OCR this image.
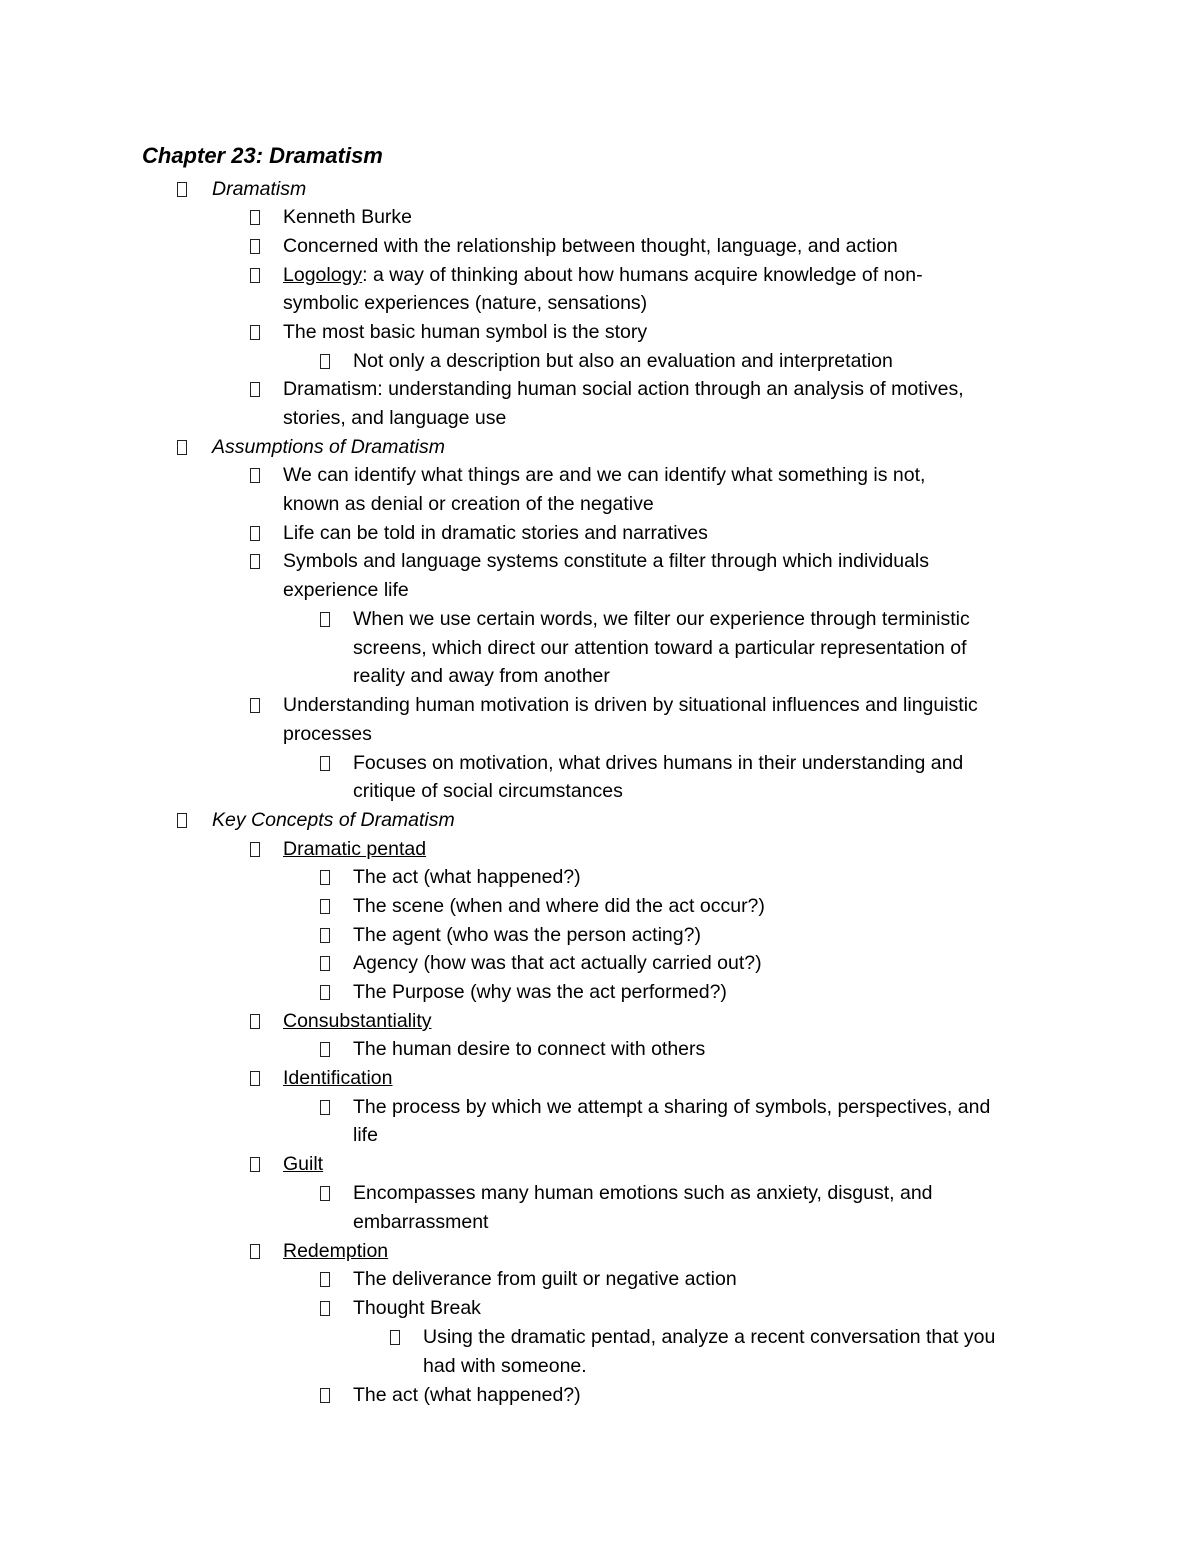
Chapter 23: Dramatism
Dramatism
Kenneth Burke
Concerned with the relationship between thought, language, and action
Logology: a way of thinking about how humans acquire knowledge of non-
symbolic experiences (nature, sensations)
The most basic human symbol is the story
Not only a description but also an evaluation and interpretation
Dramatism: understanding human social action through an analysis of motives,
stories, and language use
Assumptions of Dramatism
We can identify what things are and we can identify what something is not,
known as denial or creation of the negative
Life can be told in dramatic stories and narratives
Symbols and language systems constitute a filter through which individuals
experience life
When we use certain words, we filter our experience through terministic
screens, which direct our attention toward a particular representation of
reality and away from another
Understanding human motivation is driven by situational influences and linguistic
processes
Focuses on motivation, what drives humans in their understanding and
critique of social circumstances
Key Concepts of Dramatism
Dramatic pentad
The act (what happened?)
The scene (when and where did the act occur?)
The agent (who was the person acting?)
Agency (how was that act actually carried out?)
The Purpose (why was the act performed?)
Consubstantiality
The human desire to connect with others
Identification
The process by which we attempt a sharing of symbols, perspectives, and
life
Guilt
Encompasses many human emotions such as anxiety, disgust, and
embarrassment
Redemption
The deliverance from guilt or negative action
Thought Break
Using the dramatic pentad, analyze a recent conversation that you
had with someone.
The act (what happened?)
